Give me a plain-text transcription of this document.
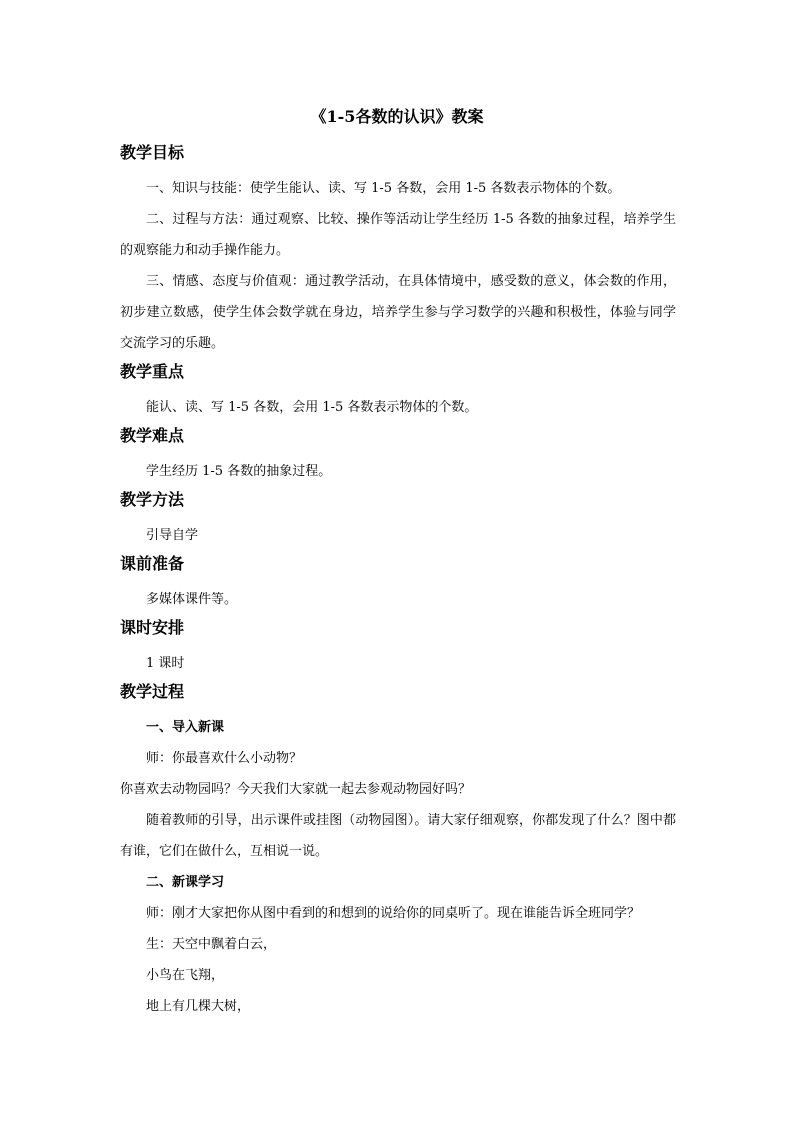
《1-5各数的认识》教案
教学目标

一、知识与技能：使学生能认、读、写 1-5 各数，会用 1-5 各数表示物体的个数。

二、过程与方法：通过观察、比较、操作等活动让学生经历 1-5 各数的抽象过程，培养学生的观察能力和动手操作能力。

三、情感、态度与价值观：通过教学活动，在具体情境中，感受数的意义，体会数的作用，初步建立数感，使学生体会数学就在身边，培养学生参与学习数学的兴趣和积极性，体验与同学交流学习的乐趣。

教学重点

能认、读、写 1-5 各数，会用 1-5 各数表示物体的个数。

教学难点

学生经历 1-5 各数的抽象过程。

教学方法

引导自学

课前准备

多媒体课件等。

课时安排

1 课时

教学过程

一、导入新课

师：你最喜欢什么小动物？

你喜欢去动物园吗？今天我们大家就一起去参观动物园好吗？

随着教师的引导，出示课件或挂图（动物园图）。请大家仔细观察，你都发现了什么？图中都有谁，它们在做什么，互相说一说。

二、新课学习

师：刚才大家把你从图中看到的和想到的说给你的同桌听了。现在谁能告诉全班同学？

生：天空中飘着白云，

小鸟在飞翔，

地上有几棵大树，
